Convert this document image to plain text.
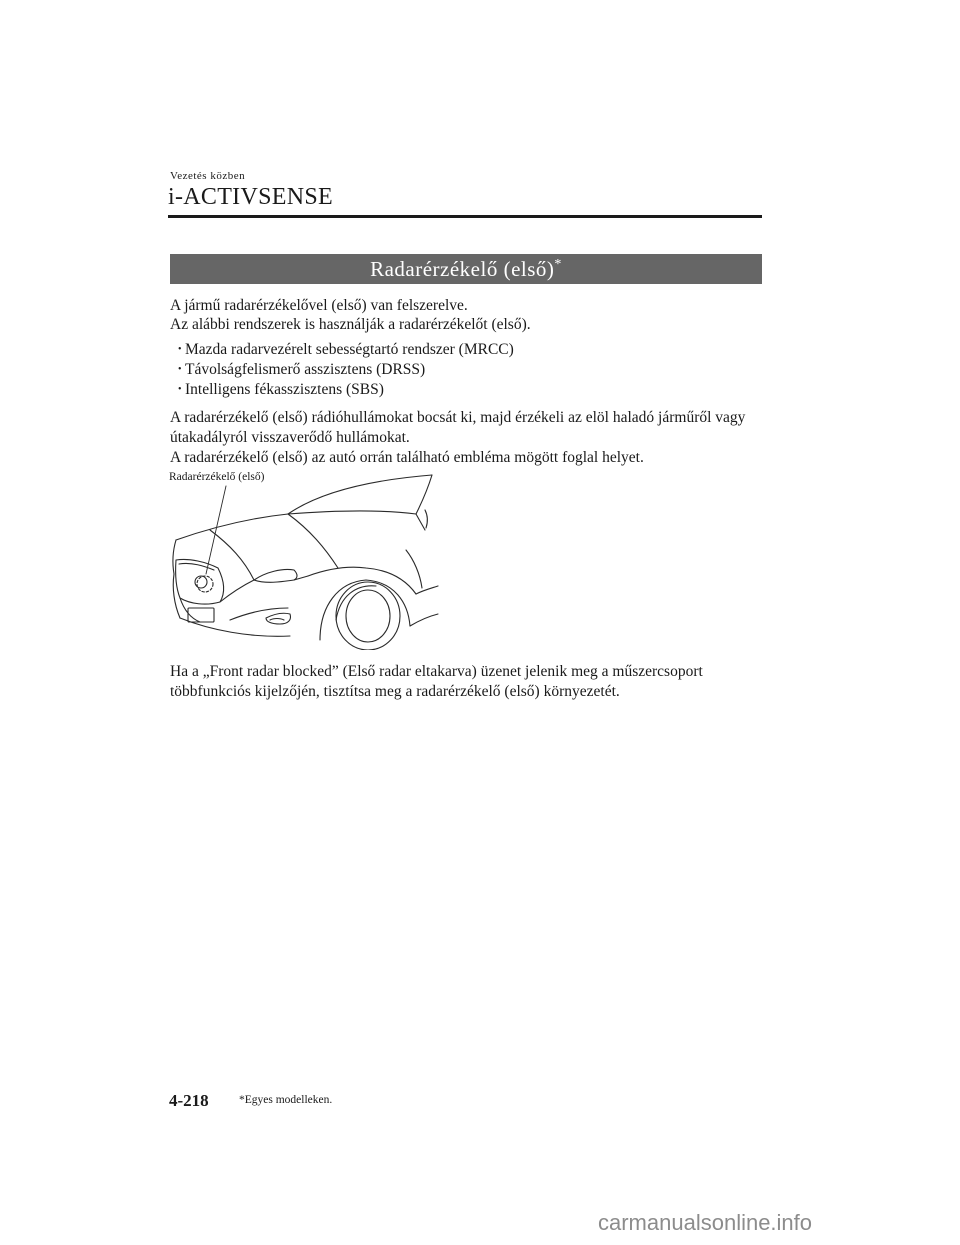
Vezetés közben
i-ACTIVSENSE
Radarérzékelő (első)*
A jármű radarérzékelővel (első) van felszerelve.
Az alábbi rendszerek is használják a radarérzékelőt (első).
• Mazda radarvezérelt sebességtartó rendszer (MRCC)
• Távolságfelismerő asszisztens (DRSS)
• Intelligens fékasszisztens (SBS)
A radarérzékelő (első) rádióhullámokat bocsát ki, majd érzékeli az elöl haladó járműről vagy
útakadályról visszaverődő hullámokat.
A radarérzékelő (első) az autó orrán található embléma mögött foglal helyet.
Radarérzékelő (első)
Ha a „Front radar blocked” (Első radar eltakarva) üzenet jelenik meg a műszercsoport
többfunkciós kijelzőjén, tisztítsa meg a radarérzékelő (első) környezetét.
4-218	*Egyes modelleken.
carmanualsonline.info
